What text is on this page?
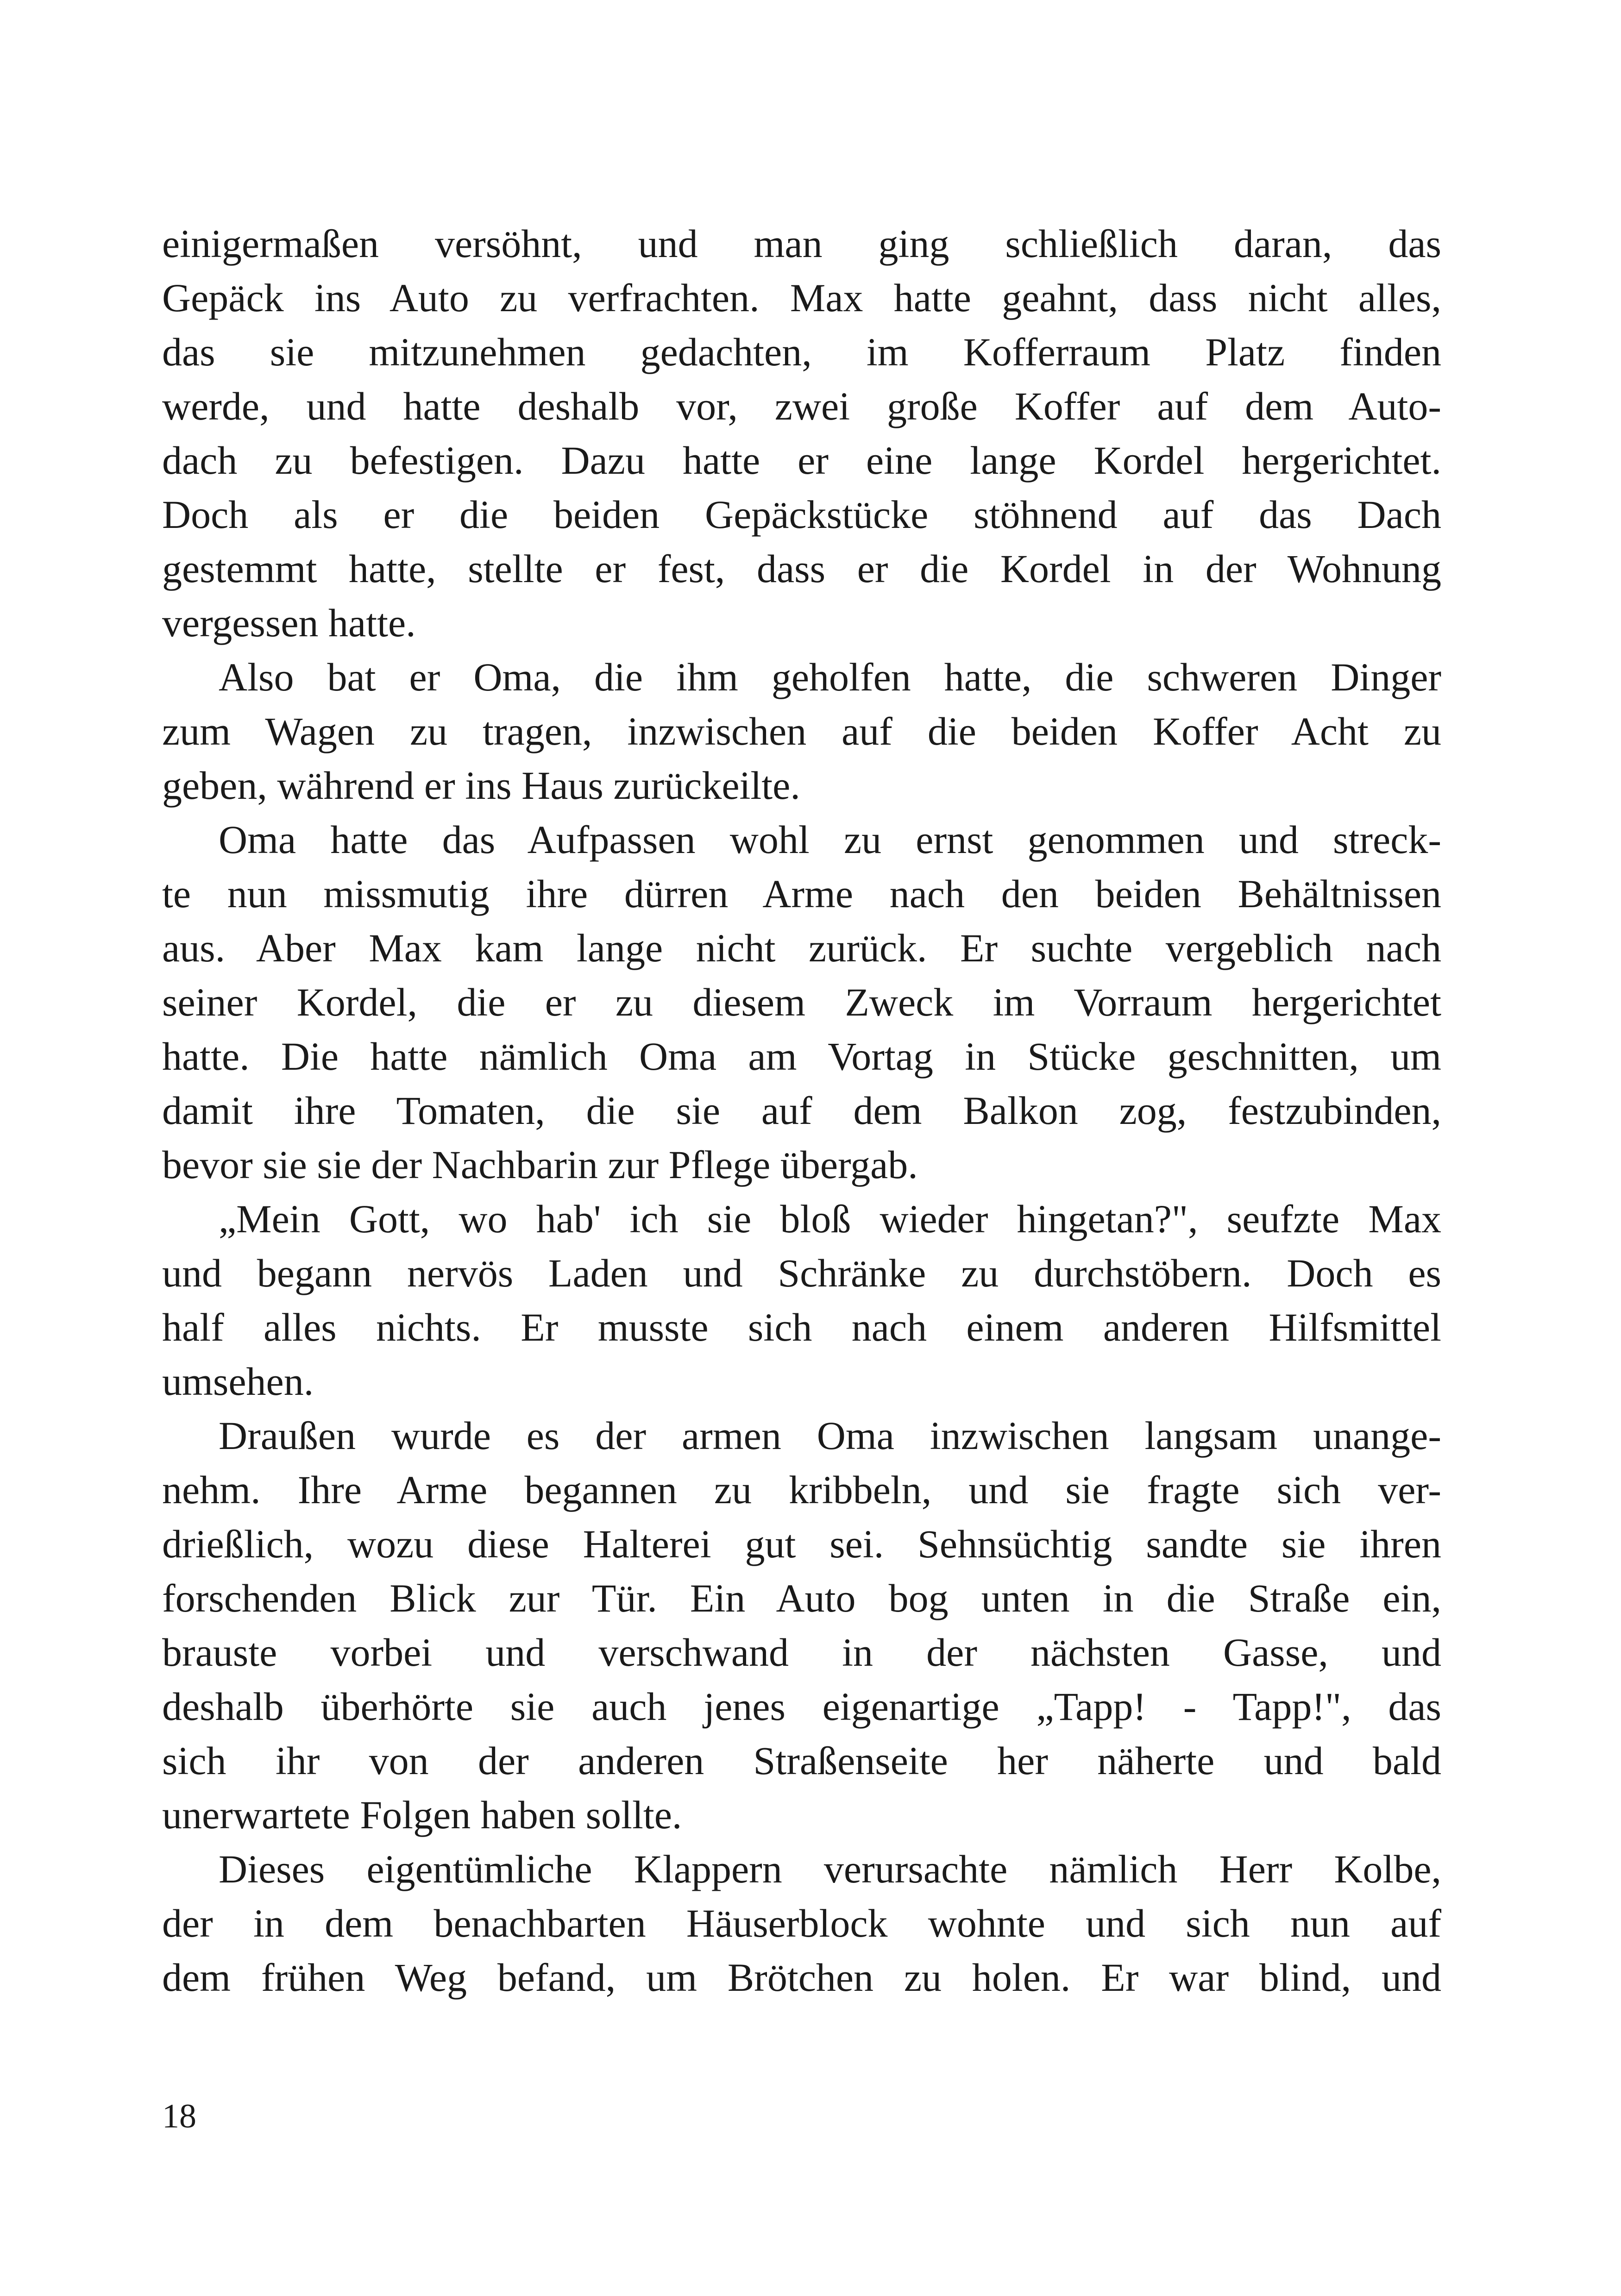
einigermaßen versöhnt, und man ging schließlich daran, das
Gepäck ins Auto zu verfrachten. Max hatte geahnt, dass nicht alles,
das sie mitzunehmen gedachten, im Kofferraum Platz finden
werde, und hatte deshalb vor, zwei große Koffer auf dem Auto-
dach zu befestigen. Dazu hatte er eine lange Kordel hergerichtet.
Doch als er die beiden Gepäckstücke stöhnend auf das Dach
gestemmt hatte, stellte er fest, dass er die Kordel in der Wohnung
vergessen hatte.
Also bat er Oma, die ihm geholfen hatte, die schweren Dinger
zum Wagen zu tragen, inzwischen auf die beiden Koffer Acht zu
geben, während er ins Haus zurückeilte.
Oma hatte das Aufpassen wohl zu ernst genommen und streck-
te nun missmutig ihre dürren Arme nach den beiden Behältnissen
aus. Aber Max kam lange nicht zurück. Er suchte vergeblich nach
seiner Kordel, die er zu diesem Zweck im Vorraum hergerichtet
hatte. Die hatte nämlich Oma am Vortag in Stücke geschnitten, um
damit ihre Tomaten, die sie auf dem Balkon zog, festzubinden,
bevor sie sie der Nachbarin zur Pflege übergab.
„Mein Gott, wo hab' ich sie bloß wieder hingetan?", seufzte Max
und begann nervös Laden und Schränke zu durchstöbern. Doch es
half alles nichts. Er musste sich nach einem anderen Hilfsmittel
umsehen.
Draußen wurde es der armen Oma inzwischen langsam unange-
nehm. Ihre Arme begannen zu kribbeln, und sie fragte sich ver-
drießlich, wozu diese Halterei gut sei. Sehnsüchtig sandte sie ihren
forschenden Blick zur Tür. Ein Auto bog unten in die Straße ein,
brauste vorbei und verschwand in der nächsten Gasse, und
deshalb überhörte sie auch jenes eigenartige „Tapp! - Tapp!", das
sich ihr von der anderen Straßenseite her näherte und bald
unerwartete Folgen haben sollte.
Dieses eigentümliche Klappern verursachte nämlich Herr Kolbe,
der in dem benachbarten Häuserblock wohnte und sich nun auf
dem frühen Weg befand, um Brötchen zu holen. Er war blind, und
18
